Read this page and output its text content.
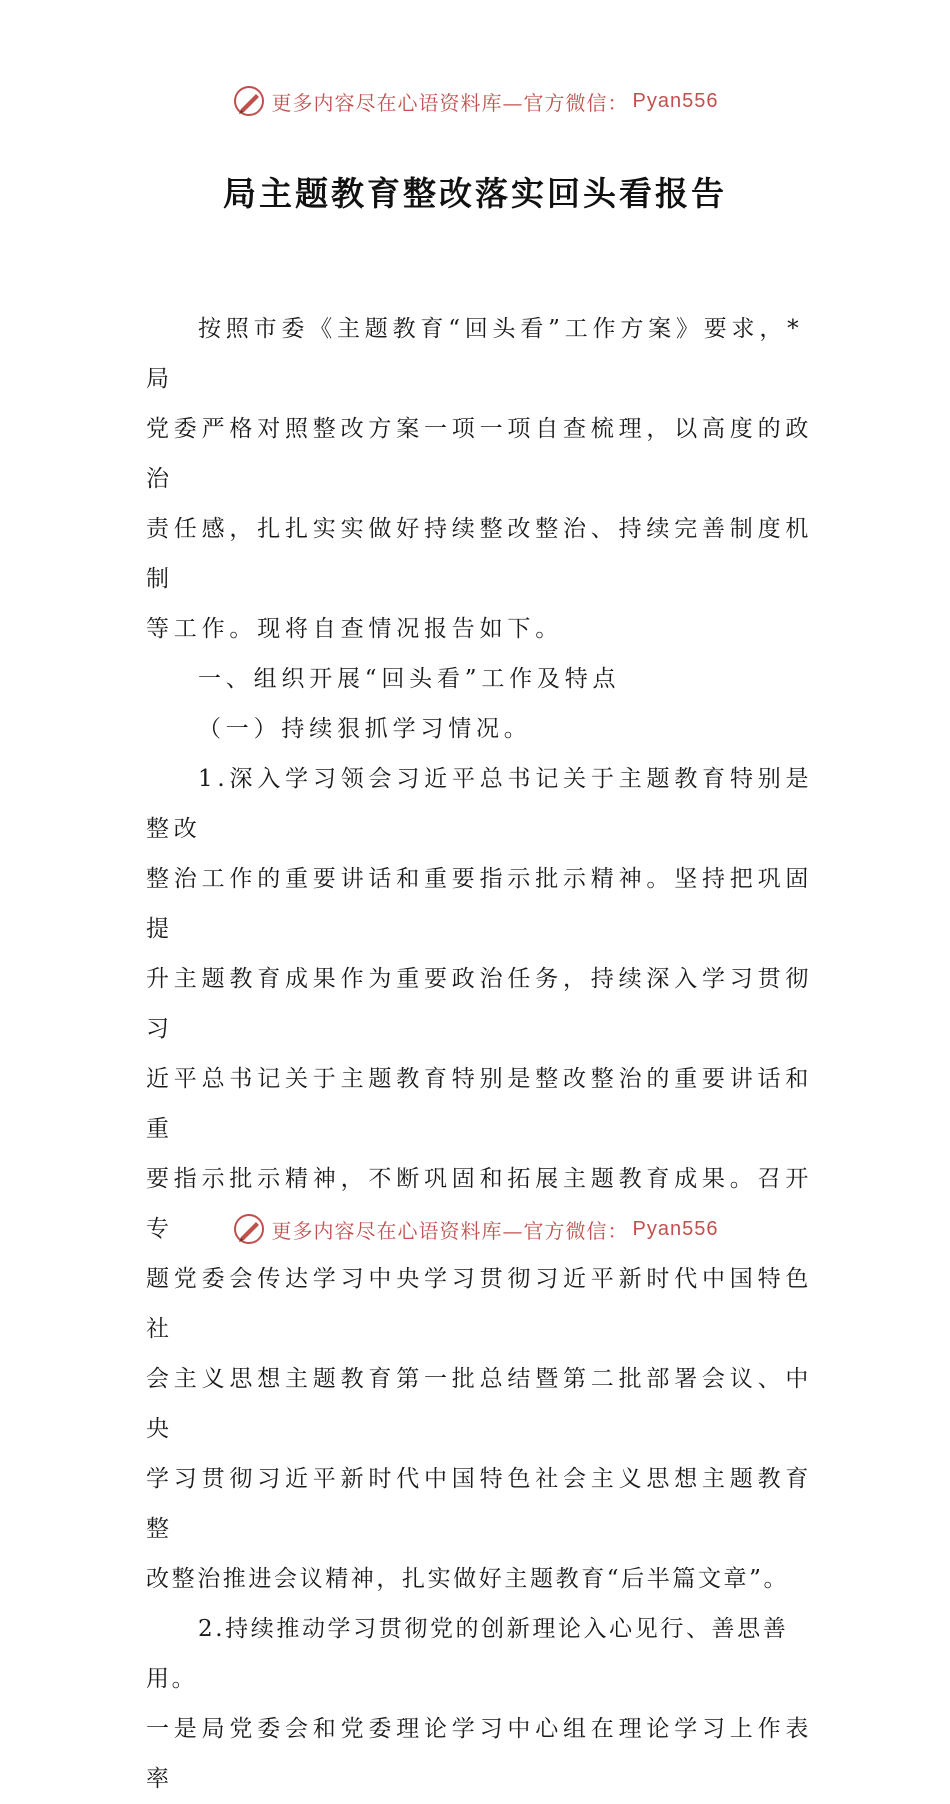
更多内容尽在心语资料库—官方微信： Pyan556
局主题教育整改落实回头看报告

按照市委《主题教育“回头看”工作方案》要求，*局

党委严格对照整改方案一项一项自查梳理，以高度的政治

责任感，扎扎实实做好持续整改整治、持续完善制度机制

等工作。现将自查情况报告如下。

一、组织开展“回头看”工作及特点

（一）持续狠抓学习情况。

1.深入学习领会习近平总书记关于主题教育特别是整改

整治工作的重要讲话和重要指示批示精神。坚持把巩固提

升主题教育成果作为重要政治任务，持续深入学习贯彻习

近平总书记关于主题教育特别是整改整治的重要讲话和重

要指示批示精神，不断巩固和拓展主题教育成果。召开专

题党委会传达学习中央学习贯彻习近平新时代中国特色社

会主义思想主题教育第一批总结暨第二批部署会议、中央

学习贯彻习近平新时代中国特色社会主义思想主题教育整

改整治推进会议精神，扎实做好主题教育“后半篇文章”。

2.持续推动学习贯彻党的创新理论入心见行、善思善用。

一是局党委会和党委理论学习中心组在理论学习上作表率

更多内容尽在心语资料库—官方微信： Pyan556
